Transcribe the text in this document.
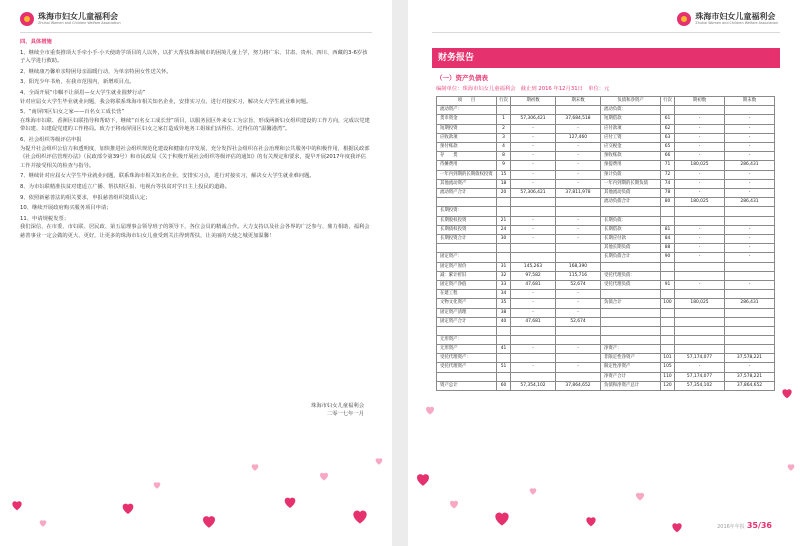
珠海市妇女儿童福利会
Zhuhai Women and Children Welfare Association
四、具体措施
1、继续全市重奏推项大手牵小手·小天使助学项目的人以外，以扩大帮扶珠海城市的困境儿童上学，努力将广东、甘肃、贵州、四川、西藏的3-6岁孩子入学进行救助。
2、继续康乃馨单亲特困母亲温暖行动，为单亲特困女性送关怀。
3、阳光少年书角，在我市范围内，新增项目点。
4、全面开展“巾帼不让须眉—女大学生就业圆梦行动”
针对应届女大学生毕业就业问题，我会将联系珠海市相关知名企业，安排实习点，进行对接实习，解决女大学生就业难问题。
5、“南屏四区妇女之家——百名女工成长营”
在珠海市妇联、香洲区妇联指导和帮助下，继续“百名女工成长营”项目，以服务园区外来女工为宗旨，形成两新妇女组织建设的工作方向，完成以党建带妇建、妇建促党建的工作格局。致力于将南屏园区妇女之家打造成异地务工姐妹们活得住、过得住的“温馨港湾”。
6、社会组织等级评估申报
为提升社会组织公信力和透明度，加快推进社会组织规范化建设和健康有序发展，充分发挥社会组织在社会治理和公共服务中的积极作用，根据民政部《社会组织评估管理办法》（民政部令第39号）和市民政局《关于积极开展社会组织等级评估的通知》的有关规定和要求，提早开展2017年度我评估工作并接受相关的检查与指导。
7、继续针对应届女大学生毕业就业问题，联系珠海市相关知名企业，安排实习点，进行对接实习，解决女大学生就业难问题。
8、为市妇联精准扶贫对建适立广播、帮扶特区报、电视台等扶贫对学日主上投民的道路。
9、依照新慈善法的相关要求，申报慈善组织资质认定；
10、继续开展政府购买服务项目申请；
11、申请规税发票；
我们深信，在市委、市妇联、居民政、第五届理事会领导班子的领导下，各位会员的精诚合作。大力支持以及社会各界的广泛参与、鼎力相助，福利会慈善事业一定会做的更大、更好，让更多的珠海市妇女儿童受到关注得到帮扶，让美丽的天使之城更加温馨！
珠海市妇女儿童福利会
二零一七年一月
珠海市妇女儿童福利会
Zhuhai Women and Children Welfare Association
财务报告
（一）资产负债表
编制单位：珠海市妇女儿童福利会　截止到 2016 年12月31日　单位：元
项　　目	行次	期初数	期末数	负债和净资产	行次	期初数	期末数
流动资产：				流动负债：			
货币资金	1	57,306,421	37,684,518	短期借款	61	-	-
短期投资	2	-	-	应付款项	62	-	-
应收款项	3	-	127,460	应付工资	63	-	-
预付账款	4	-	-	应交税金	65	-	-
存　　货	8	-	-	预收账款	66	-	-
待摊费用	9	-	-	预提费用	71	180,025	286,431
一年内到期的长期债权投资	15	-	-	预计负债	72	-	-
其他流动资产	18	-	-	一年内到期的长期负债	74	-	-
流动资产合计	20	57,306,421	37,811,978	其他流动负债	78	-	-
				流动负债合计	80	180,025	286,431
长期投资：							
长期股权投资	21	-	-	长期负债：			
长期债权投资	24	-	-	长期借款	81	-	-
长期投资合计	30	-	-	长期应付款	84	-	-
				其他长期负债	88	-	-
固定资产：				长期负债合计	90	-	-
固定资产原价	31	145,263	168,390				
减：累计折旧	32	97,582	115,716	受托代理负债：			
固定资产净值	33	47,681	52,674	受托代理负债	91	-	-
在建工程	34	-	-				
文物文化资产	35	-	-	负债合计	100	180,025	286,431
固定资产清理	38	-	-				
固定资产合计	40	47,681	52,674				

无形资产：							
无形资产	41	-	-	净资产：			
受托代理资产：				非限定性净资产	101	57,174,077	37,578,221
受托代理资产	51	-	-	限定性净资产	105	-	-
				净资产合计	110	57,174,077	37,578,221
资产总计	60	57,354,102	37,864,652	负债和净资产总计	120	57,354,102	37,864,652
2016年年报 35/36
